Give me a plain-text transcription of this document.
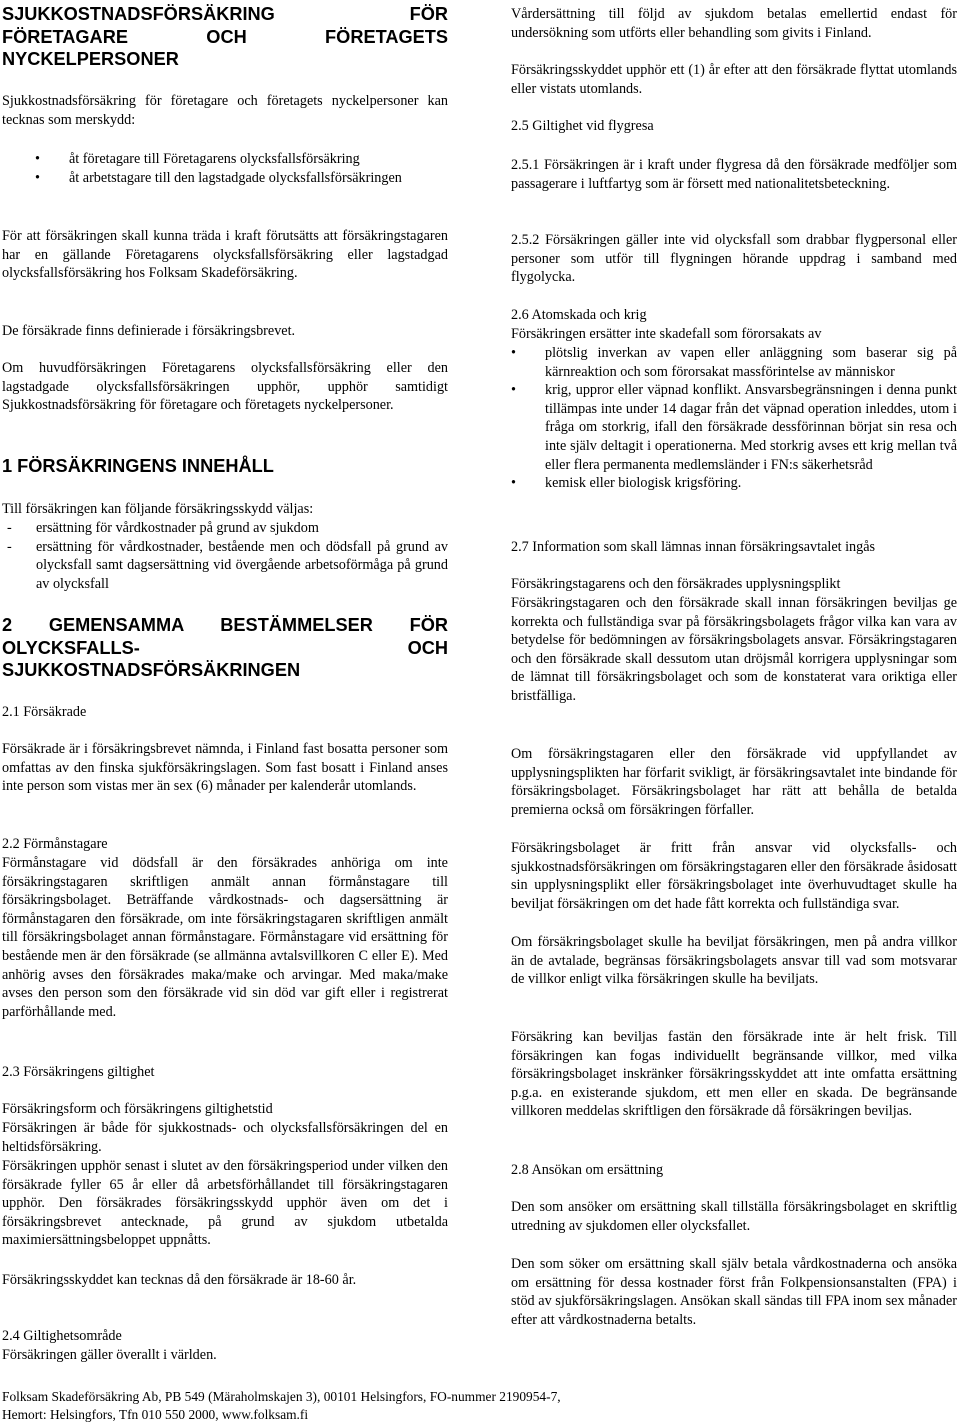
SJUKKOSTNADSFÖRSÄKRING FÖR
FÖRETAGARE OCH FÖRETAGETS
NYCKELPERSONER

Sjukkostnadsförsäkring för företagare och företagets nyckelpersoner kan tecknas som merskydd:

• åt företagare till Företagarens olycksfallsförsäkring
• åt arbetstagare till den lagstadgade olycksfallsförsäkringen

För att försäkringen skall kunna träda i kraft förutsätts att försäkringstagaren har en gällande Företagarens olycksfallsförsäkring eller lagstadgad olycksfallsförsäkring hos Folksam Skadeförsäkring.

De försäkrade finns definierade i försäkringsbrevet.

Om huvudförsäkringen Företagarens olycksfallsförsäkring eller den lagstadgade olycksfallsförsäkringen upphör, upphör samtidigt Sjukkostnadsförsäkring för företagare och företagets nyckelpersoner.

1 FÖRSÄKRINGENS INNEHÅLL

Till försäkringen kan följande försäkringsskydd väljas:

- ersättning för vårdkostnader på grund av sjukdom
- ersättning för vårdkostnader, bestående men och dödsfall på grund av olycksfall samt dagsersättning vid övergående arbetsoförmåga på grund av olycksfall
2 GEMENSAMMA BESTÄMMELSER FÖR
OLYCKSFALLS-	OCH
SJUKKOSTNADSFÖRSÄKRINGEN

2.1 Försäkrade

Försäkrade är i försäkringsbrevet nämnda, i Finland fast bosatta personer som omfattas av den finska sjukförsäkringslagen. Som fast bosatt i Finland anses inte person som vistas mer än sex (6) månader per kalenderår utomlands.

2.2 Förmånstagare

Förmånstagare vid dödsfall är den försäkrades anhöriga om inte försäkringstagaren skriftligen anmält annan förmånstagare till försäkringsbolaget. Beträffande vårdkostnads- och dagsersättning är förmånstagaren den försäkrade, om inte försäkringstagaren skriftligen anmält till försäkringsbolaget annan förmånstagare. Förmånstagare vid ersättning för bestående men är den försäkrade (se allmänna avtalsvillkoren C eller E). Med anhörig avses den försäkrades maka/make och arvingar. Med maka/make avses den person som den försäkrade vid sin död var gift eller i registrerat parförhållande med.

2.3 Försäkringens giltighet

Försäkringsform och försäkringens giltighetstid

Försäkringen är både för sjukkostnads- och olycksfallsförsäkringen del en heltidsförsäkring.

Försäkringen upphör senast i slutet av den försäkringsperiod under vilken den försäkrade fyller 65 år eller då arbetsförhållandet till försäkringstagaren upphör. Den försäkrades försäkringsskydd upphör även om det i försäkringsbrevet antecknade, på grund av sjukdom utbetalda maximiersättningsbeloppet uppnåtts.

Försäkringsskyddet kan tecknas då den försäkrade är 18-60 år.

2.4 Giltighetsområde

Försäkringen gäller överallt i världen.

Vårdersättning till följd av sjukdom betalas emellertid endast för undersökning som utförts eller behandling som givits i Finland.

Försäkringsskyddet upphör ett (1) år efter att den försäkrade flyttat utomlands eller vistats utomlands.

2.5 Giltighet vid flygresa

2.5.1 Försäkringen är i kraft under flygresa då den försäkrade medföljer som passagerare i luftfartyg som är försett med nationalitetsbeteckning.

2.5.2 Försäkringen gäller inte vid olycksfall som drabbar flygpersonal eller personer som utför till flygningen hörande uppdrag i samband med flygolycka.

2.6 Atomskada och krig

Försäkringen ersätter inte skadefall som förorsakats av

• plötslig inverkan av vapen eller anläggning som baserar sig på kärnreaktion och som förorsakat massförintelse av människor
• krig, uppror eller väpnad konflikt. Ansvarsbegränsningen i denna punkt tillämpas inte under 14 dagar från det väpnad operation inleddes, utom i fråga om storkrig, ifall den försäkrade dessförinnan börjat sin resa och inte själv deltagit i operationerna. Med storkrig avses ett krig mellan två eller flera permanenta medlemsländer i FN:s säkerhetsråd
• kemisk eller biologisk krigsföring.

2.7 Information som skall lämnas innan försäkringsavtalet ingås

Försäkringstagarens och den försäkrades upplysningsplikt

Försäkringstagaren och den försäkrade skall innan försäkringen beviljas ge korrekta och fullständiga svar på försäkringsbolagets frågor vilka kan vara av betydelse för bedömningen av försäkringsbolagets ansvar. Försäkringstagaren och den försäkrade skall dessutom utan dröjsmål korrigera upplysningar som de lämnat till försäkringsbolaget och som de konstaterat vara oriktiga eller bristfälliga.

Om försäkringstagaren eller den försäkrade vid uppfyllandet av upplysningsplikten har förfarit svikligt, är försäkringsavtalet inte bindande för försäkringsbolaget. Försäkringsbolaget har rätt att behålla de betalda premierna också om försäkringen förfaller.

Försäkringsbolaget är fritt från ansvar vid olycksfalls- och sjukkostnadsförsäkringen om försäkringstagaren eller den försäkrade åsidosatt sin upplysningsplikt eller försäkringsbolaget inte överhuvudtaget skulle ha beviljat försäkringen om det hade fått korrekta och fullständiga svar.

Om försäkringsbolaget skulle ha beviljat försäkringen, men på andra villkor än de avtalade, begränsas försäkringsbolagets ansvar till vad som motsvarar de villkor enligt vilka försäkringen skulle ha beviljats.

Försäkring kan beviljas fastän den försäkrade inte är helt frisk. Till försäkringen kan fogas individuellt begränsande villkor, med vilka försäkringsbolaget inskränker försäkringsskyddet att inte omfatta ersättning p.g.a. en existerande sjukdom, ett men eller en skada. De begränsande villkoren meddelas skriftligen den försäkrade då försäkringen beviljas.

2.8 Ansökan om ersättning

Den som ansöker om ersättning skall tillställa försäkringsbolaget en skriftlig utredning av sjukdomen eller olycksfallet.

Den som söker om ersättning skall själv betala vårdkostnaderna och ansöka om ersättning för dessa kostnader först från Folkpensionsanstalten (FPA) i stöd av sjukförsäkringslagen. Ansökan skall sändas till FPA inom sex månader efter att vårdkostnaderna betalts.

Folksam Skadeförsäkring Ab, PB 549 (Märaholmskajen 3), 00101 Helsingfors, FO-nummer 2190954-7,
Hemort: Helsingfors, Tfn 010 550 2000, www.folksam.fi
